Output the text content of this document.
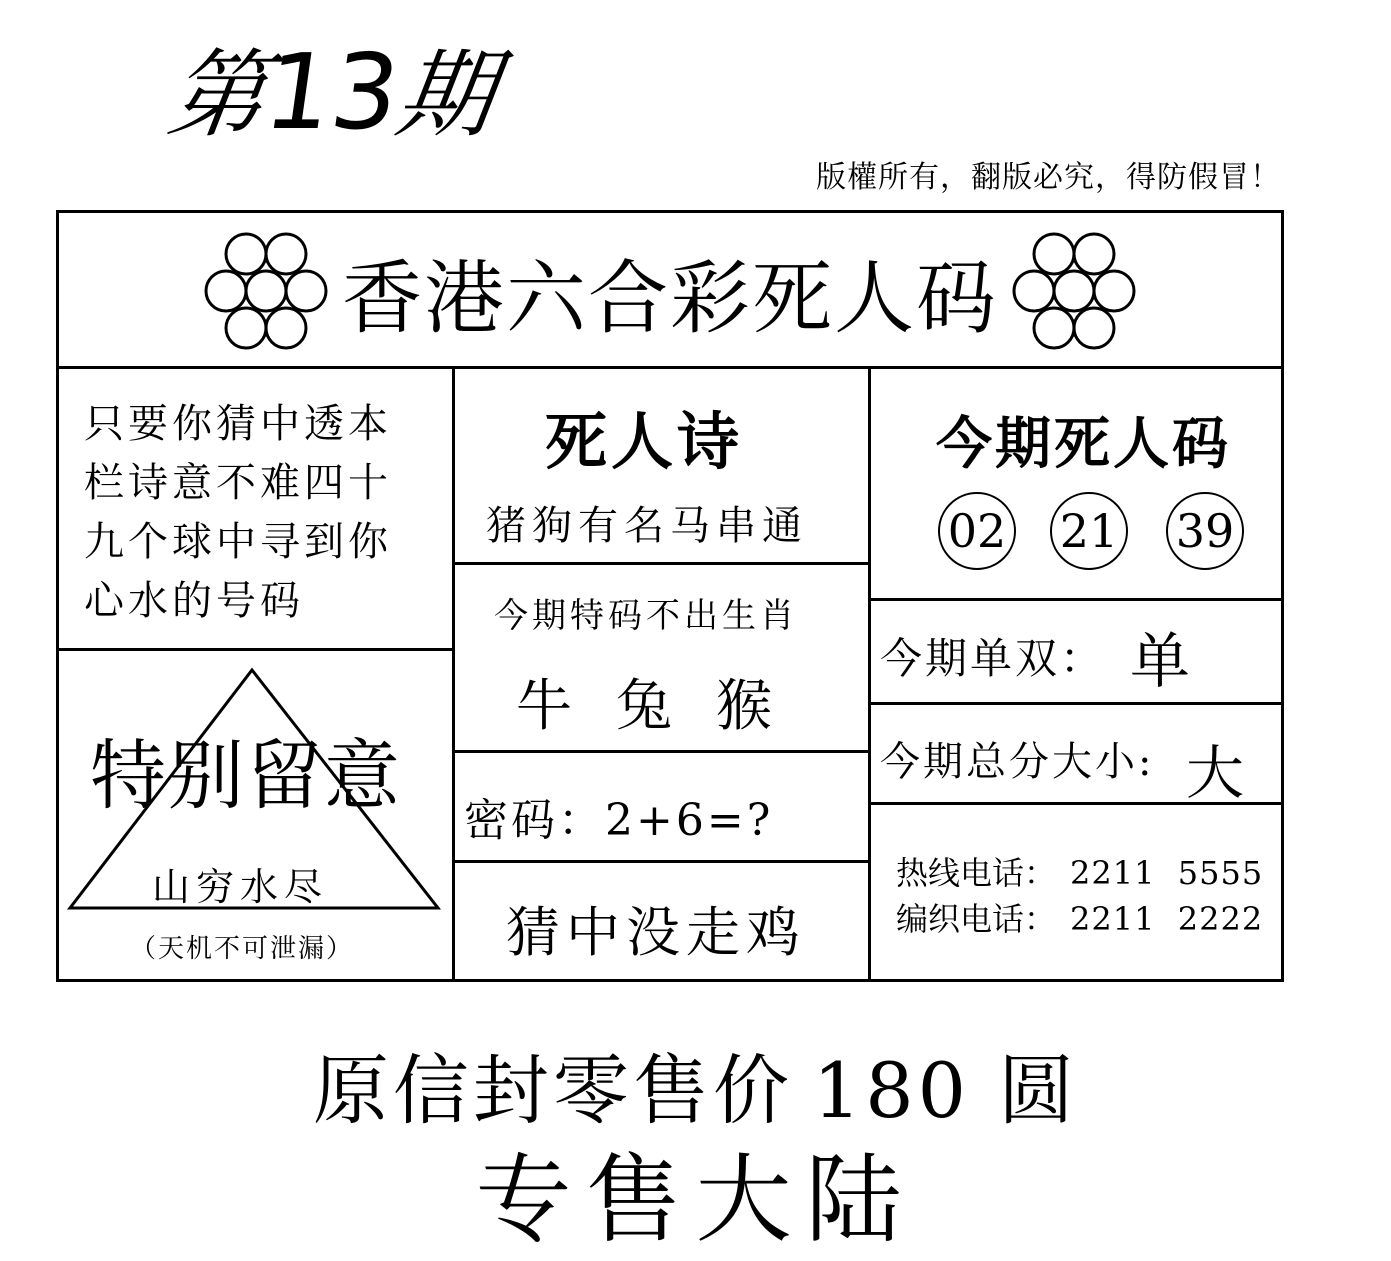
第13期
版權所有，翻版必究，得防假冒！
香港六合彩死人码
只要你猜中透本
栏诗意不难四十
九个球中寻到你
心水的号码
特别留意
山穷水尽
（天机不可泄漏）
死人诗
猪狗有名马串通
今期特码不出生肖
牛 兔 猴
密码：2+6=?
猜中没走鸡
今期死人码
02 21 39
今期单双： 单
今期总分大小: 大
热线电话： 2211  5555
编织电话： 2211  2222
原信封零售价 180 圆
专售大陆
